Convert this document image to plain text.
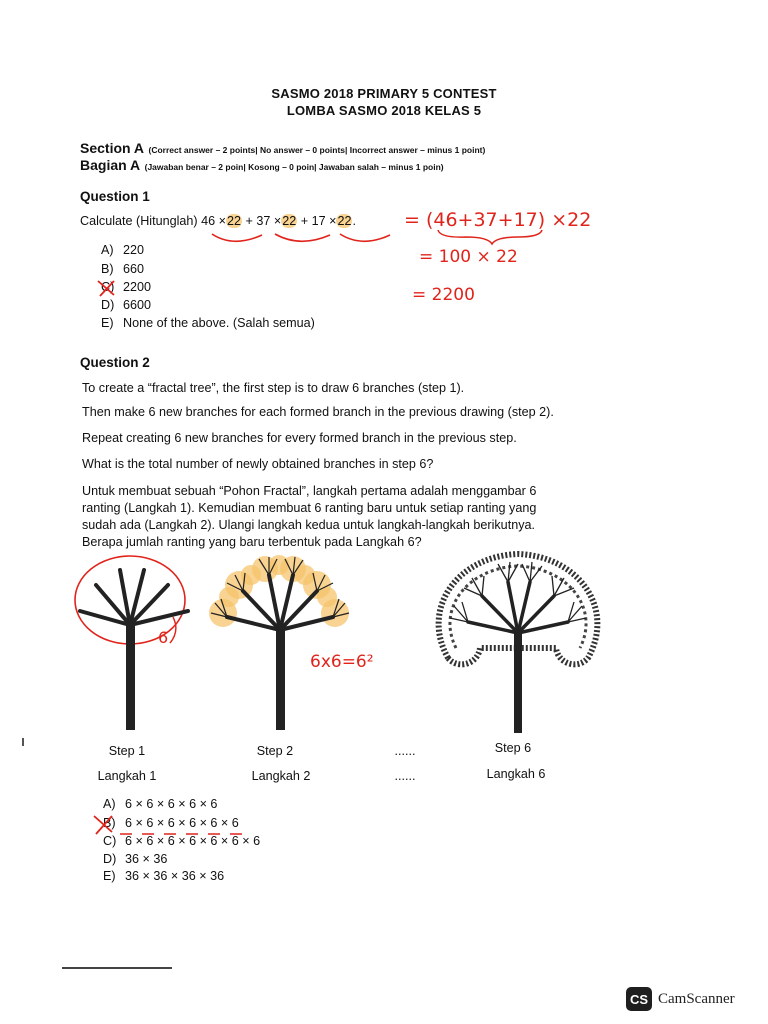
SASMO 2018 PRIMARY 5 CONTEST
LOMBA SASMO 2018 KELAS 5
Section A (Correct answer – 2 points| No answer – 0 points| Incorrect answer – minus 1 point)
Bagian A (Jawaban benar – 2 poin| Kosong – 0 poin| Jawaban salah – minus 1 poin)
Question 1
Calculate (Hitunglah) 46 ×22 + 37 ×22 + 17 ×22.
A) 220
B) 660
C) 2200
D) 6600
E) None of the above. (Salah semua)
= (46+37+17) ×22
= 100 × 22
= 2200
Question 2
To create a “fractal tree”, the first step is to draw 6 branches (step 1).
Then make 6 new branches for each formed branch in the previous drawing (step 2).
Repeat creating 6 new branches for every formed branch in the previous step.
What is the total number of newly obtained branches in step 6?
Untuk membuat sebuah “Pohon Fractal”, langkah pertama adalah menggambar 6
ranting (Langkah 1). Kemudian membuat 6 ranting baru untuk setiap ranting yang
sudah ada (Langkah 2). Ulangi langkah kedua untuk langkah-langkah berikutnya.
Berapa jumlah ranting yang baru terbentuk pada Langkah 6?
6
6x6=6²
Step 1
Langkah 1
Step 2
Langkah 2
......
......
Step 6
Langkah 6
A) 6 × 6 × 6 × 6 × 6
B) 6 × 6 × 6 × 6 × 6 × 6
C) 6 × 6 × 6 × 6 × 6 × 6 × 6
D) 36 × 36
E) 36 × 36 × 36 × 36
CS CamScanner
